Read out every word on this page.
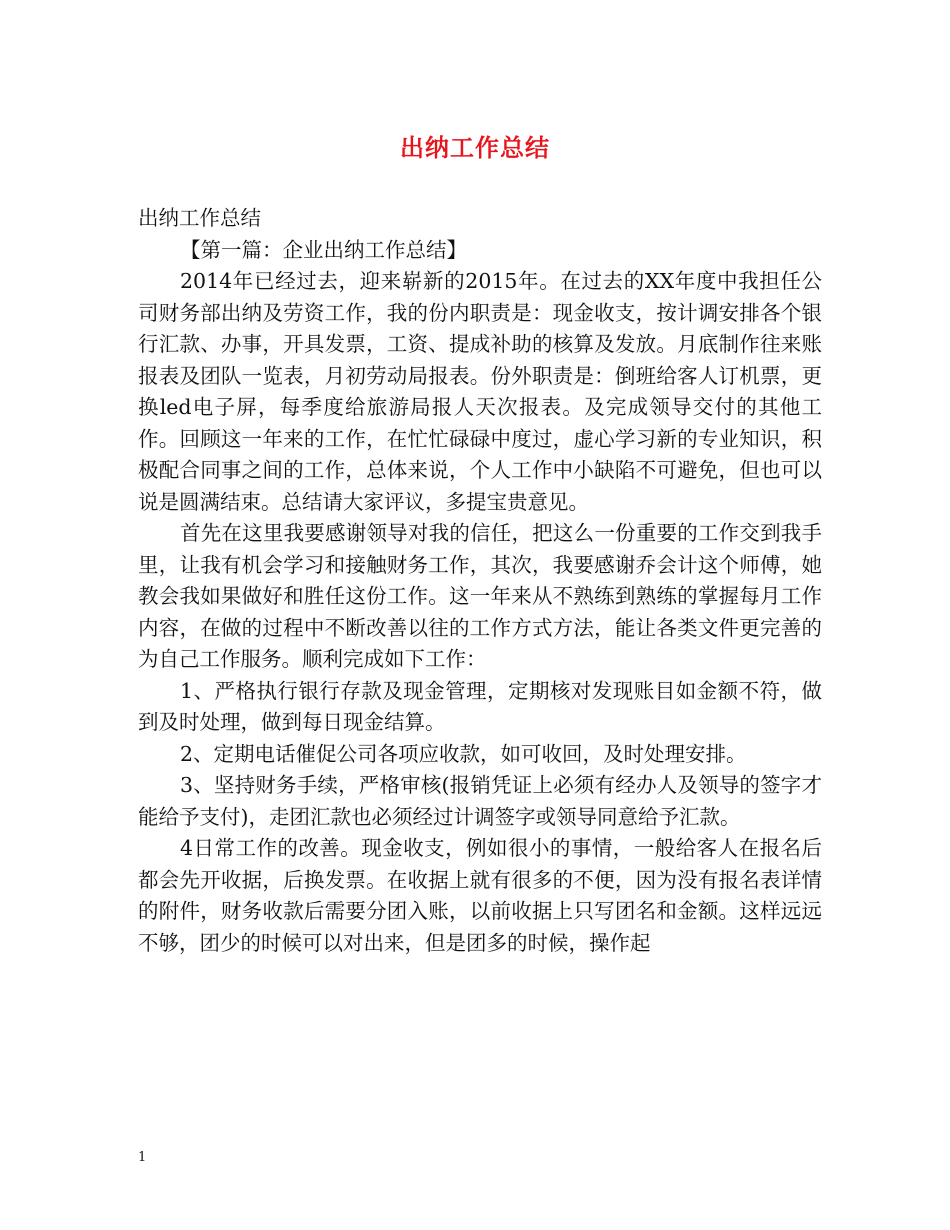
出纳工作总结

出纳工作总结

【第一篇：企业出纳工作总结】

2014年已经过去，迎来崭新的2015年。在过去的XX年度中我担任公司财务部出纳及劳资工作，我的份内职责是：现金收支，按计调安排各个银行汇款、办事，开具发票，工资、提成补助的核算及发放。月底制作往来账报表及团队一览表，月初劳动局报表。份外职责是：倒班给客人订机票，更换led电子屏，每季度给旅游局报人天次报表。及完成领导交付的其他工作。回顾这一年来的工作，在忙忙碌碌中度过，虚心学习新的专业知识，积极配合同事之间的工作，总体来说，个人工作中小缺陷不可避免，但也可以说是圆满结束。总结请大家评议，多提宝贵意见。

首先在这里我要感谢领导对我的信任，把这么一份重要的工作交到我手里，让我有机会学习和接触财务工作，其次，我要感谢乔会计这个师傅，她教会我如果做好和胜任这份工作。这一年来从不熟练到熟练的掌握每月工作内容，在做的过程中不断改善以往的工作方式方法，能让各类文件更完善的为自己工作服务。顺利完成如下工作：

1、严格执行银行存款及现金管理，定期核对发现账目如金额不符，做到及时处理，做到每日现金结算。

2、定期电话催促公司各项应收款，如可收回，及时处理安排。

3、坚持财务手续，严格审核(报销凭证上必须有经办人及领导的签字才能给予支付)，走团汇款也必须经过计调签字或领导同意给予汇款。

4日常工作的改善。现金收支，例如很小的事情，一般给客人在报名后都会先开收据，后换发票。在收据上就有很多的不便，因为没有报名表详情的附件，财务收款后需要分团入账，以前收据上只写团名和金额。这样远远不够，团少的时候可以对出来，但是团多的时候，操作起

1
